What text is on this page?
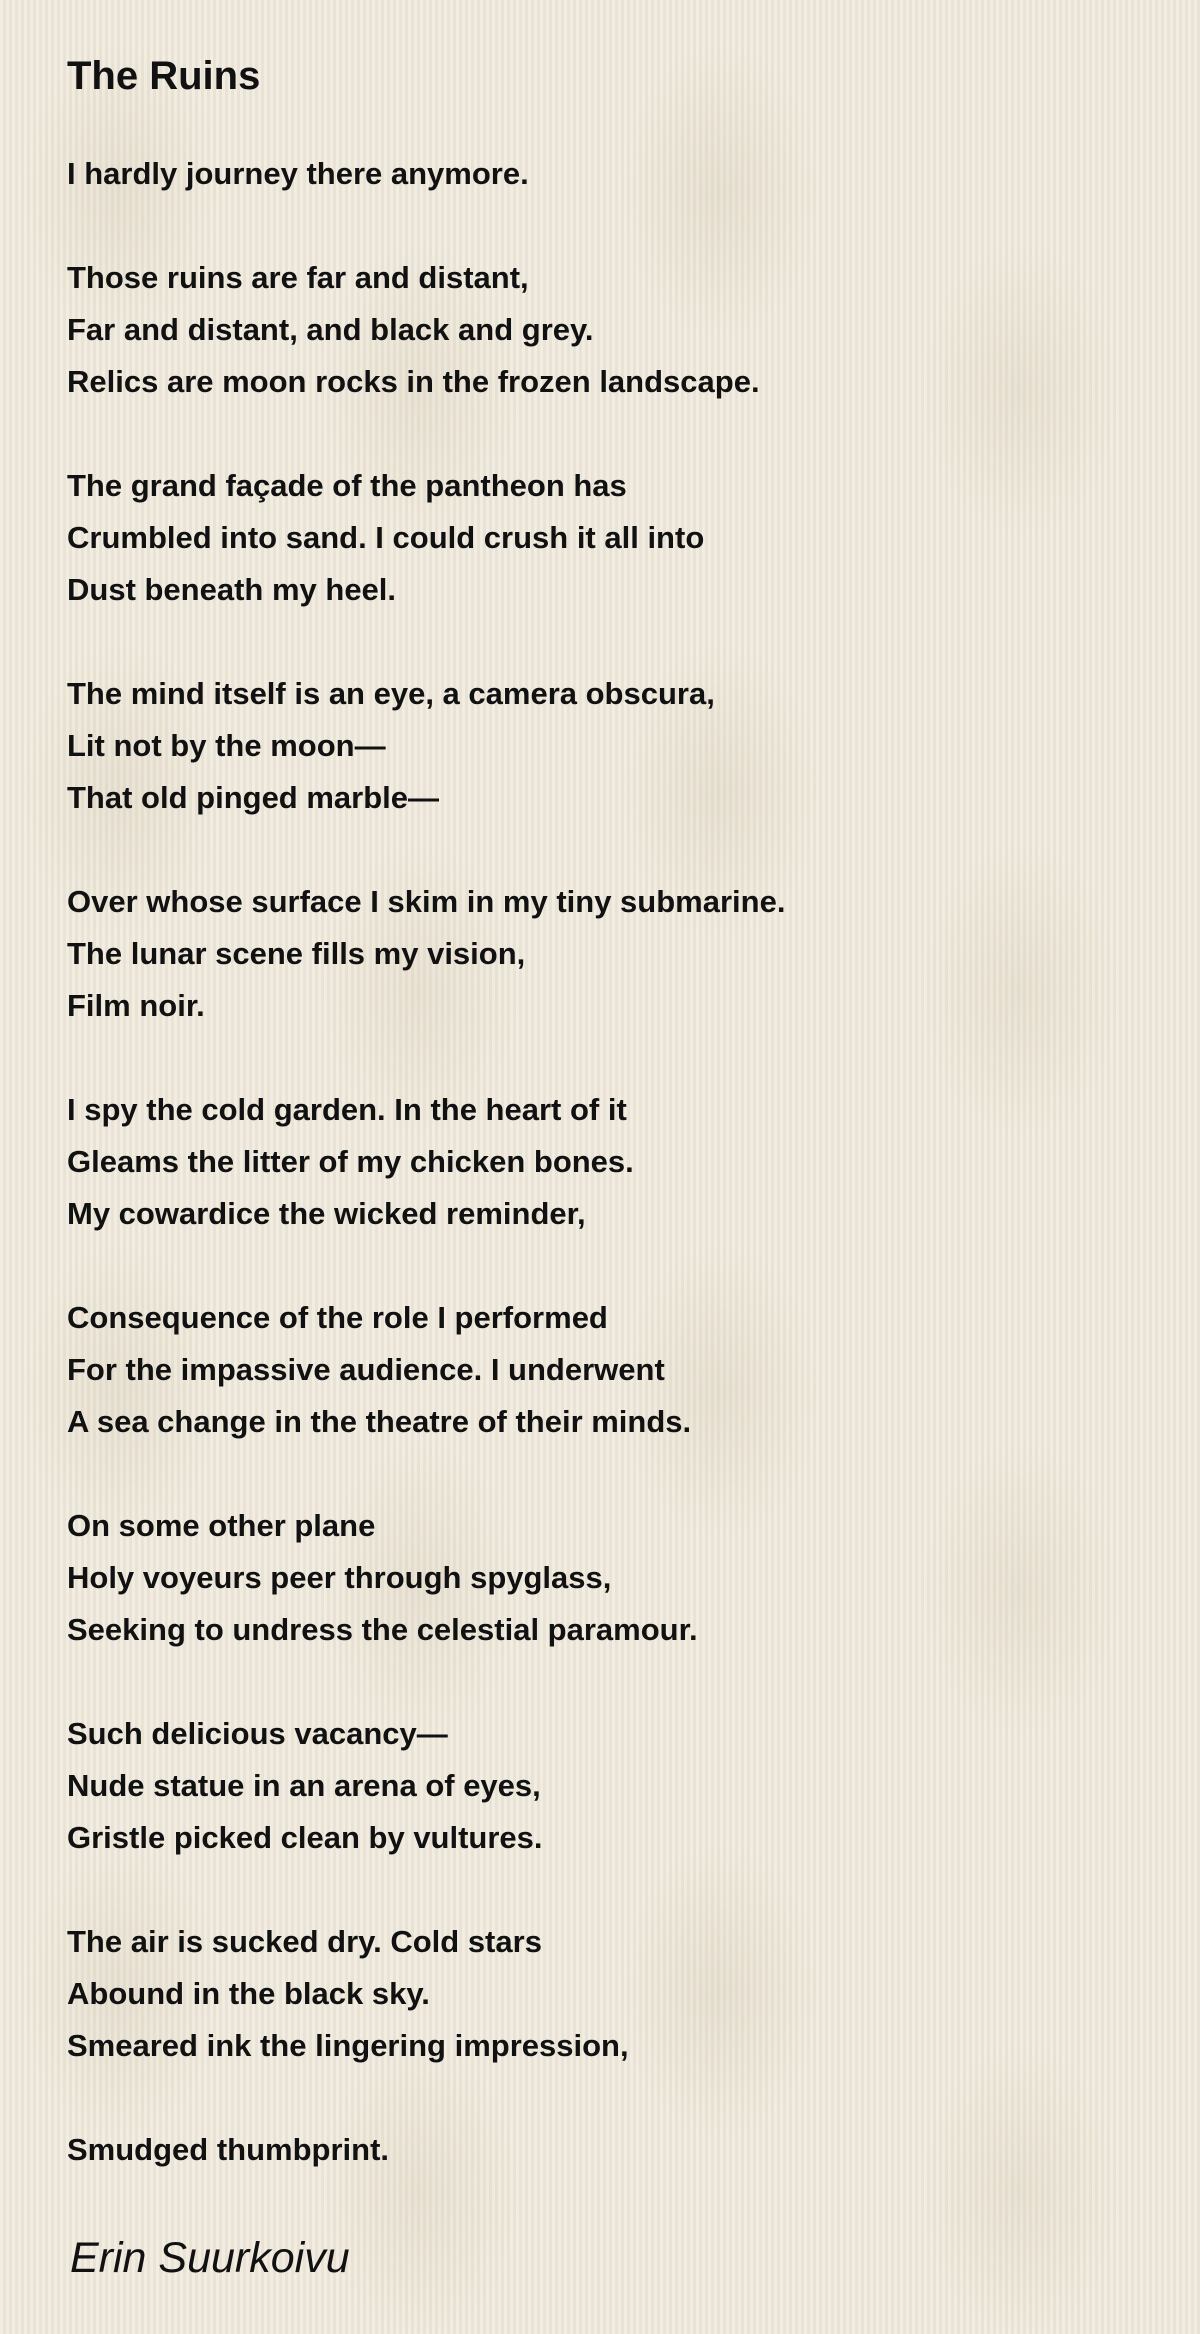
The Ruins
I hardly journey there anymore.
Those ruins are far and distant,
Far and distant, and black and grey.
Relics are moon rocks in the frozen landscape.
The grand façade of the pantheon has
Crumbled into sand. I could crush it all into
Dust beneath my heel.
The mind itself is an eye, a camera obscura,
Lit not by the moon—
That old pinged marble—
Over whose surface I skim in my tiny submarine.
The lunar scene fills my vision,
Film noir.
I spy the cold garden. In the heart of it
Gleams the litter of my chicken bones.
My cowardice the wicked reminder,
Consequence of the role I performed
For the impassive audience. I underwent
A sea change in the theatre of their minds.
On some other plane
Holy voyeurs peer through spyglass,
Seeking to undress the celestial paramour.
Such delicious vacancy—
Nude statue in an arena of eyes,
Gristle picked clean by vultures.
The air is sucked dry. Cold stars
Abound in the black sky.
Smeared ink the lingering impression,
Smudged thumbprint.
Erin Suurkoivu
